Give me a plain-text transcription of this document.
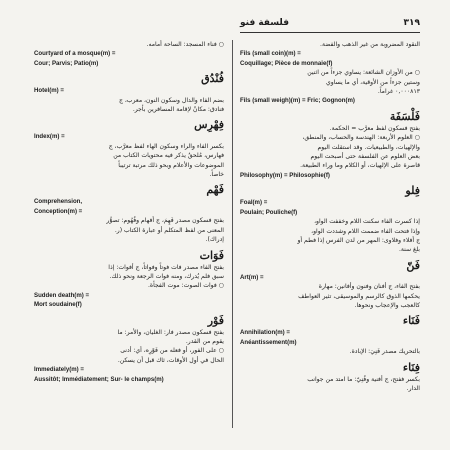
٣١٩
فلسفة فنو

النقود المضروبة من غير الذهب والفضة.

Fils (small coin)(m) =

Coquillage; Pièce de monnaie(f)

○ من الأوزان الشائعة: يساوي جزءاً من اثنين

وستين جزءاً من الأوقية، أي ما يساوي

٠,٠٠٠٨١٣ غراماً.

Fils (small weigh)(m) = Fric; Gognon(m)

فَلْسَفَة

بفتح فسكون لفظ معرَّب = الحكمة.

○ العلوم الأربعة: الهندسة والحساب، والمنطق،

والإلهيات، والطبيعيات. وقد استقلت اليوم

بعض العلوم عن الفلسفة حتى أصبحت اليوم

قاصرة على الإلهيات، أو الكلام وما وراء الطبيعة.

Philosophy(m) = Philosophie(f)

فِلو

Foal(m) =

Poulain; Pouliche(f)

إذا كسرت الفاء سكنت اللام وخففت الواو،

وإذا فتحت الفاء ضممت اللام وشددت الواو،

ج أفلاء وفلاوى: المهر من لدن الفرس إذا فطم أو

بلغ سنة.

فَنّ

Art(m) =

بفتح الفاء، ج أفنان وفنون وأفانين: مهارة

يحكمها الذوق كالرسم والموسيقى، تثير العواطف

كالعجب والإعجاب ونحوها.

فَنَاء

Annihilation(m) =

Anéantissement(m)

بالتحريك مصدر فَنِيَ: الإبادة.

فِنَاء

بكسر ففتح، ج أفنية وفُنِيّ: ما امتد من جوانب

الدار.

○ فناء المسجد: الساحة أمامه.

Courtyard of a mosque(m) =

Cour; Parvis; Patio(m)

فُنْدُق

Hotel(m) =

بضم الفاء والدال وسكون النون، معرب، ج

فنادق: مكانٌ لإقامة المسافرين بأجر.

فِهْرِس

Index(m) =

بكسر الفاء والراء وسكون الهاء لفظ معرَّب، ج

فهارس، مُلحقٌ يذكر فيه محتويات الكتاب من

الموضوعات والأعلام وبحو ذلك مرتبة ترتيباً

خاصاً.

فَهْم

Comprehension,

Conception(m) =

بفتح فسكون مصدر فَهِمَ، ج أفهام وفُهُوم: تصوُّر

المعنى من لفظ المتكلم أو عبارة الكتاب (ر.

إدراك).

فَوَات

بفتح الفاء مصدر فات فوتاً وفواتاً، ج أفوات: إذا

سبق فلم يُدرك، ومنه فوات الرجعة ونحو ذلك.

○ فوات الصوت: موت الفجأة.

Sudden death(m) =

Mort soudaine(f)

فَوْر

بفتح فسكون مصدر فار: الغليان، والأمر: ما

يقوم من القدر.

○ على الفور، أو فعله من فَوْرِه، أي: أدنى

الحال في أول الأوقات، ثاك قبل أن يسكن.

Immediately(m) =

Aussitôt; Immédiatement; Sur- le champs(m)
